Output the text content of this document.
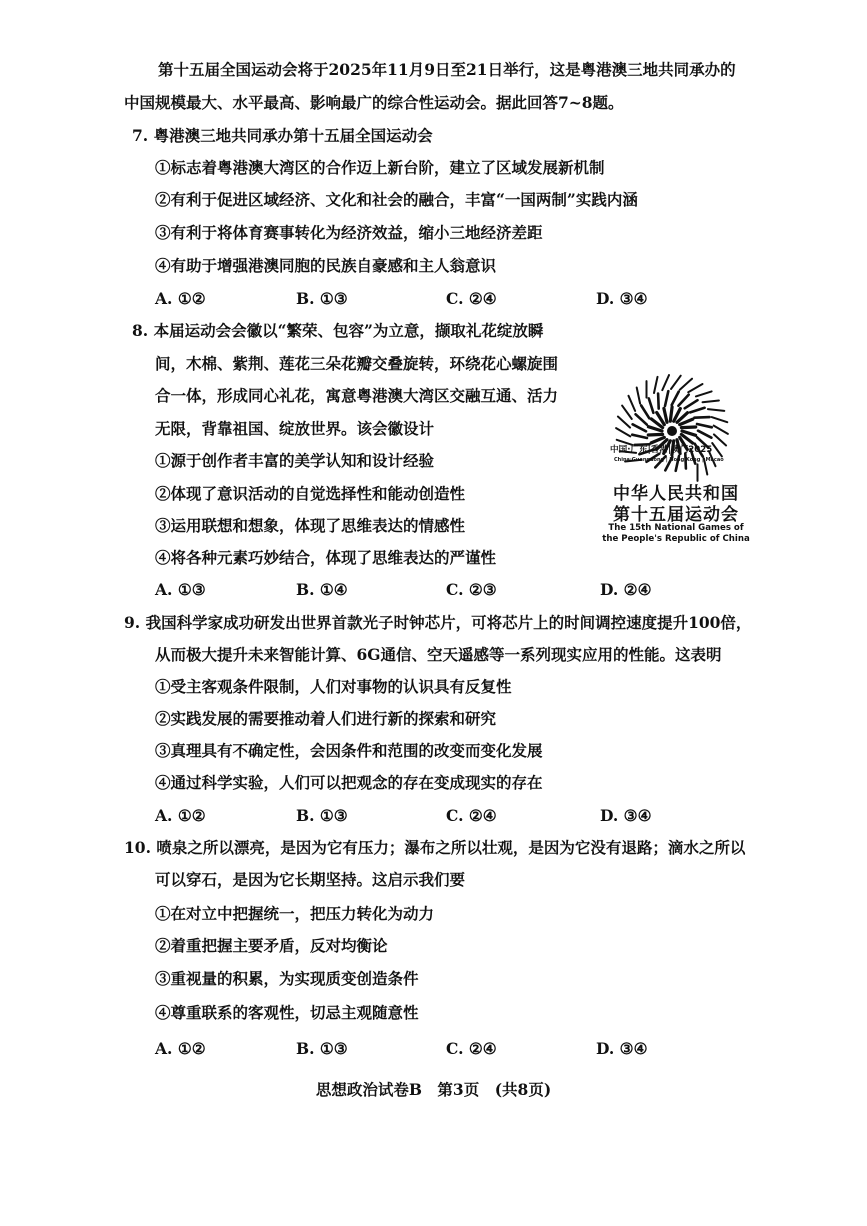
第十五届全国运动会将于2025年11月9日至21日举行，这是粤港澳三地共同承办的
中国规模最大、水平最高、影响最广的综合性运动会。据此回答7~8题。
7. 粤港澳三地共同承办第十五届全国运动会
①标志着粤港澳大湾区的合作迈上新台阶，建立了区域发展新机制
②有利于促进区域经济、文化和社会的融合，丰富“一国两制”实践内涵
③有利于将体育赛事转化为经济效益，缩小三地经济差距
④有助于增强港澳同胞的民族自豪感和主人翁意识
A. ①②	B. ①③	C. ②④	D. ③④
8. 本届运动会会徽以“繁荣、包容”为立意，撷取礼花绽放瞬
间，木棉、紫荆、莲花三朵花瓣交叠旋转，环绕花心螺旋围
合一体，形成同心礼花，寓意粤港澳大湾区交融互通、活力
无限，背靠祖国、绽放世界。该会徽设计
①源于创作者丰富的美学认知和设计经验
②体现了意识活动的自觉选择性和能动创造性
③运用联想和想象，体现了思维表达的情感性
④将各种元素巧妙结合，体现了思维表达的严谨性
A. ①③	B. ①④	C. ②③	D. ②④
中国·广东|香港|澳门2025
China·Guangdong | Hong Kong | Macao
中华人民共和国
第十五届运动会
The 15th National Games of
the People's Republic of China
9. 我国科学家成功研发出世界首款光子时钟芯片，可将芯片上的时间调控速度提升100倍，
从而极大提升未来智能计算、6G通信、空天遥感等一系列现实应用的性能。这表明
①受主客观条件限制，人们对事物的认识具有反复性
②实践发展的需要推动着人们进行新的探索和研究
③真理具有不确定性，会因条件和范围的改变而变化发展
④通过科学实验，人们可以把观念的存在变成现实的存在
A. ①②	B. ①③	C. ②④	D. ③④
10. 喷泉之所以漂亮，是因为它有压力；瀑布之所以壮观，是因为它没有退路；滴水之所以
可以穿石，是因为它长期坚持。这启示我们要
①在对立中把握统一，把压力转化为动力
②着重把握主要矛盾，反对均衡论
③重视量的积累，为实现质变创造条件
④尊重联系的客观性，切忌主观随意性
A. ①②	B. ①③	C. ②④	D. ③④
思想政治试卷B　第3页　(共8页)
